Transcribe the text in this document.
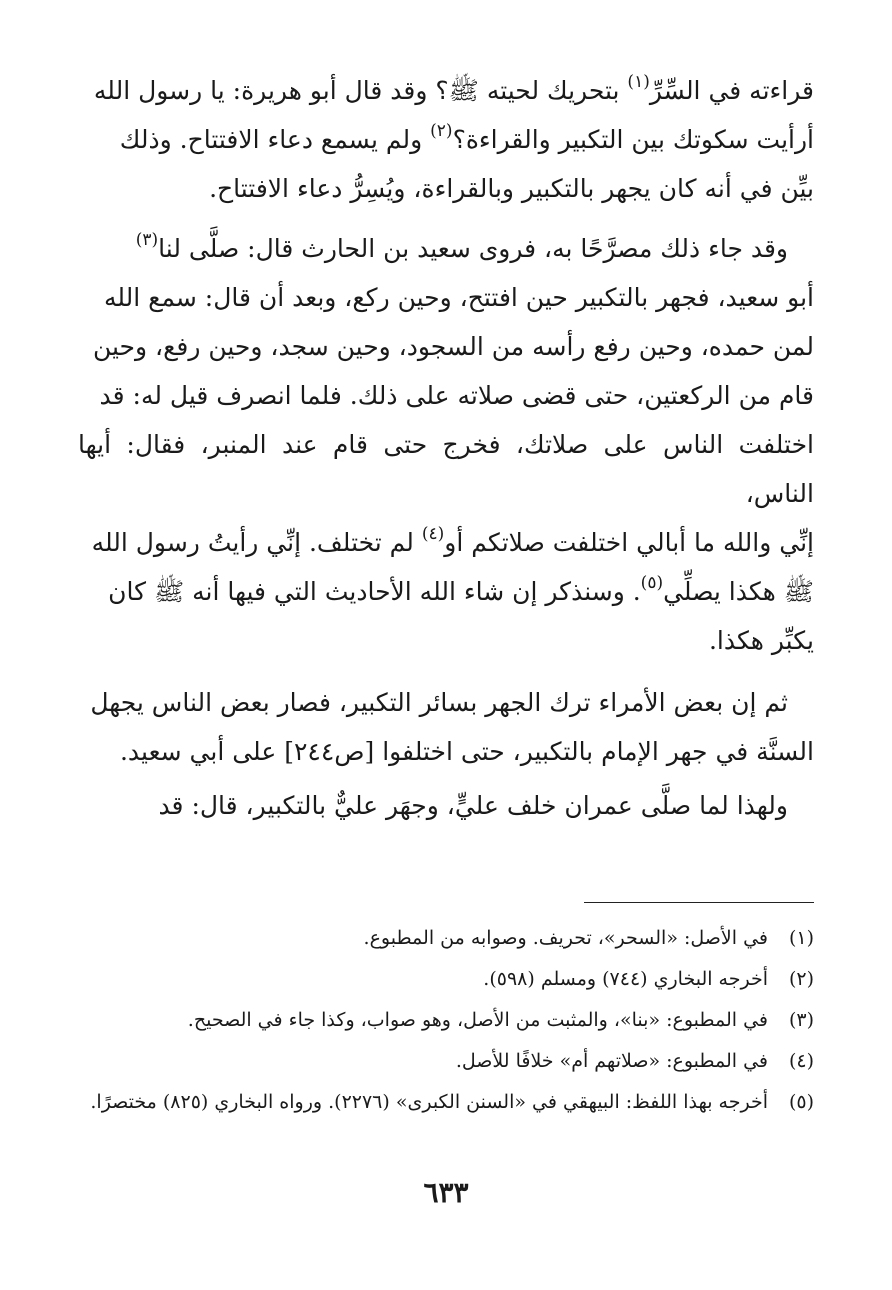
قراءته في السِّرِّ$^{(١)}$ بتحريك لحيته ﷺ؟ وقد قال أبو هريرة: يا رسول الله

أرأيت سكوتك بين التكبير والقراءة؟$^{(٢)}$ ولم يسمع دعاء الافتتاح. وذلك

بيِّن في أنه كان يجهر بالتكبير وبالقراءة، ويُسِرُّ دعاء الافتتاح.

وقد جاء ذلك مصرَّحًا به، فروى سعيد بن الحارث قال: صلَّى لنا$^{(٣)}$

أبو سعيد، فجهر بالتكبير حين افتتح، وحين ركع، وبعد أن قال: سمع الله

لمن حمده، وحين رفع رأسه من السجود، وحين سجد، وحين رفع، وحين

قام من الركعتين، حتى قضى صلاته على ذلك. فلما انصرف قيل له: قد

اختلفت الناس على صلاتك، فخرج حتى قام عند المنبر، فقال: أيها الناس،

إنِّي والله ما أبالي اختلفت صلاتكم أو$^{(٤)}$ لم تختلف. إنِّي رأيتُ رسول الله

ﷺ هكذا يصلِّي$^{(٥)}$. وسنذكر إن شاء الله الأحاديث التي فيها أنه ﷺ كان

يكبِّر هكذا.

ثم إن بعض الأمراء ترك الجهر بسائر التكبير، فصار بعض الناس يجهل

السنَّة في جهر الإمام بالتكبير، حتى اختلفوا [ص٢٤٤] على أبي سعيد.

ولهذا لما صلَّى عمران خلف عليٍّ، وجهَر عليٌّ بالتكبير، قال: قد

(١)
في الأصل: «السحر»، تحريف. وصوابه من المطبوع.
(٢)
أخرجه البخاري (٧٤٤) ومسلم (٥٩٨).
(٣)
في المطبوع: «بنا»، والمثبت من الأصل، وهو صواب، وكذا جاء في الصحيح.
(٤)
في المطبوع: «صلاتهم أم» خلافًا للأصل.
(٥)
أخرجه بهذا اللفظ: البيهقي في «السنن الكبرى» (٢٢٧٦). ورواه البخاري (٨٢٥) مختصرًا.
٦٣٣
